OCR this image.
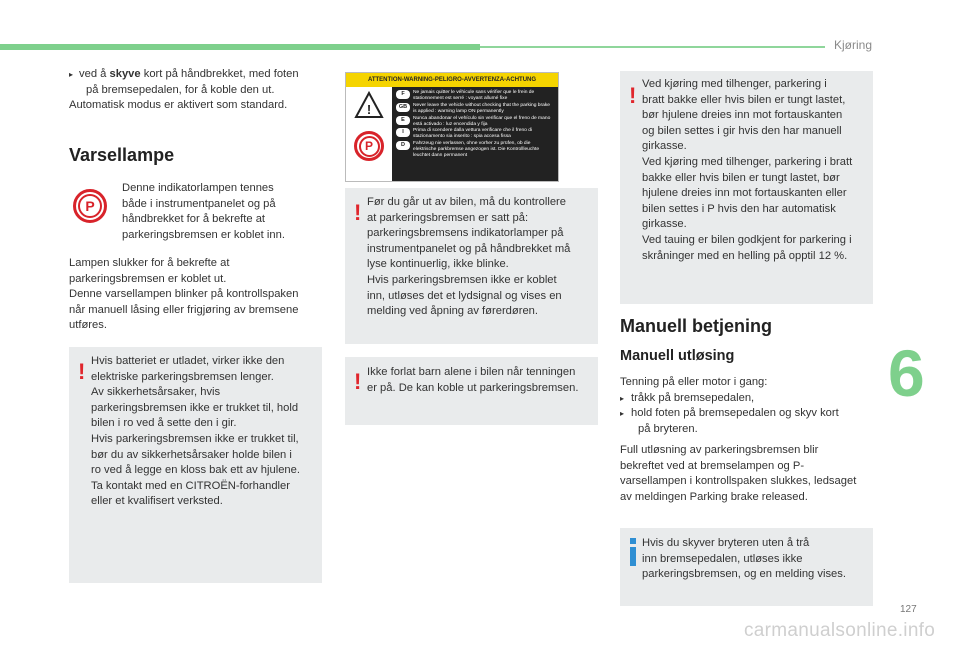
Kjøring
6
127
carmanualsonline.info

▸ ved å skyve kort på håndbrekket, med foten

på bremsepedalen, for å koble den ut.

Automatisk modus er aktivert som standard.

Varsellampe
P

Denne indikatorlampen tennes

både i instrumentpanelet og på

håndbrekket for å bekrefte at

parkeringsbremsen er koblet inn.

Lampen slukker for å bekrefte at

parkeringsbremsen er koblet ut.

Denne varsellampen blinker på kontrollspaken

når manuell låsing eller frigjøring av bremsene

utføres.

! Hvis batteriet er utladet, virker ikke den

elektriske parkeringsbremsen lenger.

Av sikkerhetsårsaker, hvis

parkeringsbremsen ikke er trukket til, hold

bilen i ro ved å sette den i gir.

Hvis parkeringsbremsen ikke er trukket til,

bør du av sikkerhetsårsaker holde bilen i

ro ved å legge en kloss bak ett av hjulene.

Ta kontakt med en CITROËN-forhandler

eller et kvalifisert verksted.

ATTENTION-WARNING-PELIGRO-AVVERTENZA-ACHTUNG
!
P
F	Ne jamais quitter le véhicule sans vérifier que le frein de stationnement est serré : voyant allumé fixe
GB	Never leave the vehicle without checking that the parking brake is applied : warning lamp ON permanently
E	Nunca abandonar el vehículo sin verificar que el freno de mano está activado : luz encendida y fija
I	Prima di scendere dalla vettura verificare che il freno di stazionamento sia inserito : spia accesa fissa
D	Fahrzeug nie verlassen, ohne vorher zu prüfen, ob die elektrische parkbremse angezogen ist. Die Kontrollleuchte leuchtet dann permanent
! Før du går ut av bilen, må du kontrollere

at parkeringsbremsen er satt på:

parkeringsbremsens indikatorlamper på

instrumentpanelet og på håndbrekket må

lyse kontinuerlig, ikke blinke.

Hvis parkeringsbremsen ikke er koblet

inn, utløses det et lydsignal og vises en

melding ved åpning av førerdøren.

! Ikke forlat barn alene i bilen når tenningen

er på. De kan koble ut parkeringsbremsen.

! Ved kjøring med tilhenger, parkering i

bratt bakke eller hvis bilen er tungt lastet,

bør hjulene dreies inn mot fortauskanten

og bilen settes i gir hvis den har manuell

girkasse.

Ved kjøring med tilhenger, parkering i bratt

bakke eller hvis bilen er tungt lastet, bør

hjulene dreies inn mot fortauskanten eller

bilen settes i P hvis den har automatisk

girkasse.

Ved tauing er bilen godkjent for parkering i

skråninger med en helling på opptil 12 %.

Manuell betjening
Manuell utløsing

Tenning på eller motor i gang:

▸ tråkk på bremsepedalen,

▸ hold foten på bremsepedalen og skyv kort

på bryteren.

Full utløsning av parkeringsbremsen blir

bekreftet ved at bremselampen og P-

varsellampen i kontrollspaken slukkes, ledsaget

av meldingen Parking brake released.

Hvis du skyver bryteren uten å trå

inn bremsepedalen, utløses ikke

parkeringsbremsen, og en melding vises.
